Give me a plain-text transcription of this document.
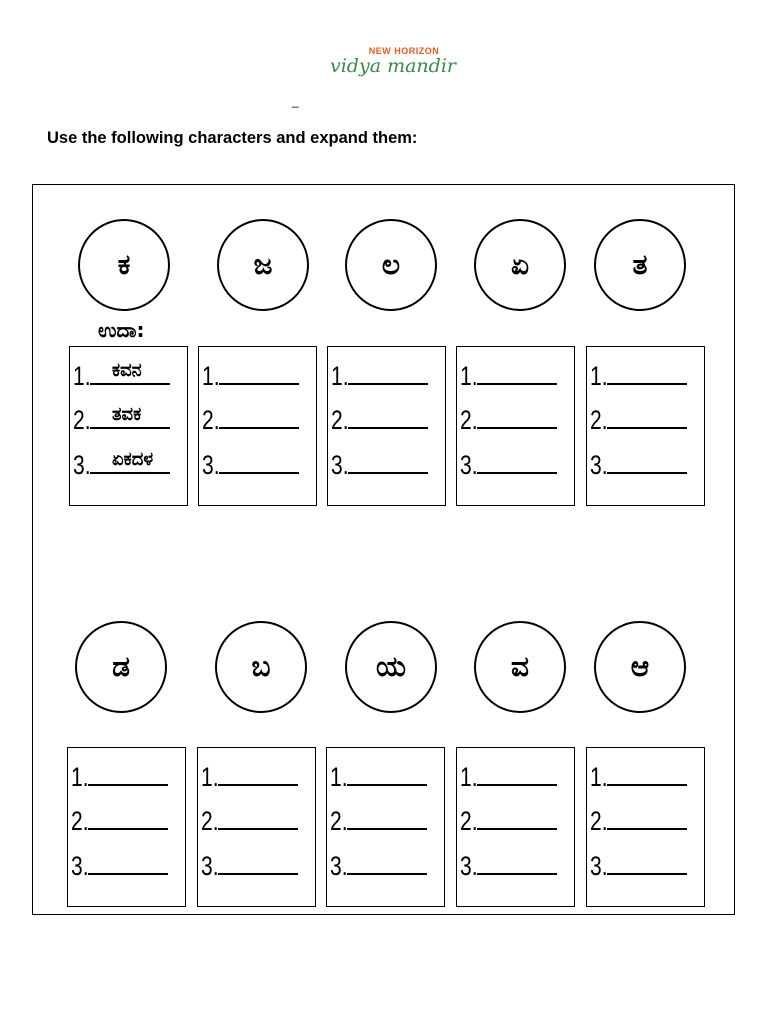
NEW HORIZON
vidya mandir
_
Use the following characters and expand them:
ಕ	ಜ	ಲ	ಏ	ತ
ಉದಾ:
1. ಕವನ
2. ತವಕ
3. ಏಕದಳ
1.
2.
3.
1.
2.
3.
1.
2.
3.
1.
2.
3.
ಡ	ಬ	ಯ	ವ	ಆ
1.
2.
3.
1.
2.
3.
1.
2.
3.
1.
2.
3.
1.
2.
3.
